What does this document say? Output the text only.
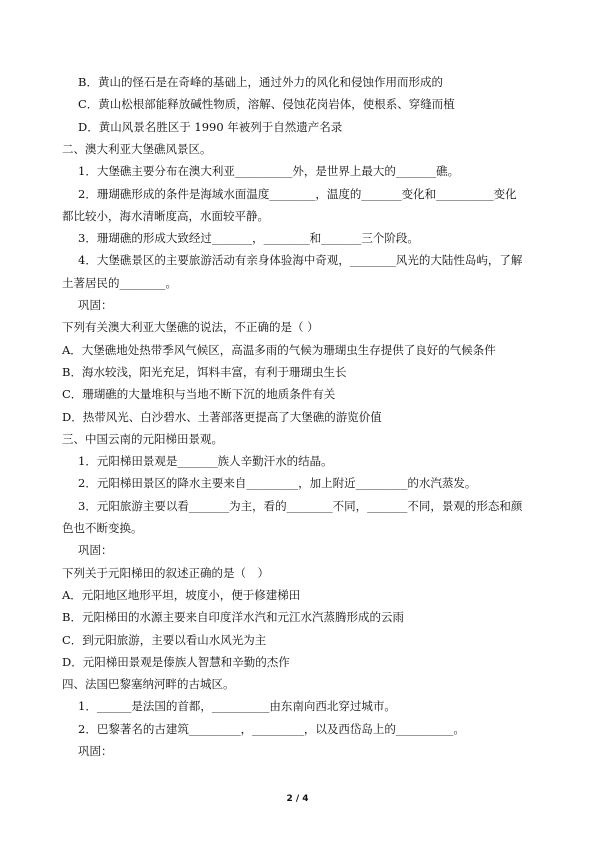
B．黄山的怪石是在奇峰的基础上，通过外力的风化和侵蚀作用而形成的
C．黄山松根部能释放碱性物质，溶解、侵蚀花岗岩体，使根系、穿缝而植
D．黄山风景名胜区于 1990 年被列于自然遗产名录
二、澳大利亚大堡礁风景区。
1．大堡礁主要分布在澳大利亚__________外，是世界上最大的_______礁。
2．珊瑚礁形成的条件是海域水面温度________，温度的_______变化和__________变化
都比较小，海水清晰度高，水面较平静。
3．珊瑚礁的形成大致经过_______，________和_______三个阶段。
4．大堡礁景区的主要旅游活动有亲身体验海中奇观，________风光的大陆性岛屿，了解
土著居民的________。
巩固：
下列有关澳大利亚大堡礁的说法，不正确的是（ ）
A．大堡礁地处热带季风气候区，高温多雨的气候为珊瑚虫生存提供了良好的气候条件
B．海水较浅，阳光充足，饵料丰富，有利于珊瑚虫生长
C．珊瑚礁的大量堆积与当地不断下沉的地质条件有关
D．热带风光、白沙碧水、土著部落更提高了大堡礁的游览价值
三、中国云南的元阳梯田景观。
1．元阳梯田景观是_______族人辛勤汗水的结晶。
2．元阳梯田景区的降水主要来自_________，加上附近_________的水汽蒸发。
3．元阳旅游主要以看_______为主，看的________不同，_______不同，景观的形态和颜
色也不断变换。
巩固：
下列关于元阳梯田的叙述正确的是（　）
A．元阳地区地形平坦，坡度小，便于修建梯田
B．元阳梯田的水源主要来自印度洋水汽和元江水汽蒸腾形成的云雨
C．到元阳旅游，主要以看山水风光为主
D．元阳梯田景观是傣族人智慧和辛勤的杰作
四、法国巴黎塞纳河畔的古城区。
1．______是法国的首都，__________由东南向西北穿过城市。
2．巴黎著名的古建筑_________，_________，以及西岱岛上的__________。
巩固：
2 / 4
